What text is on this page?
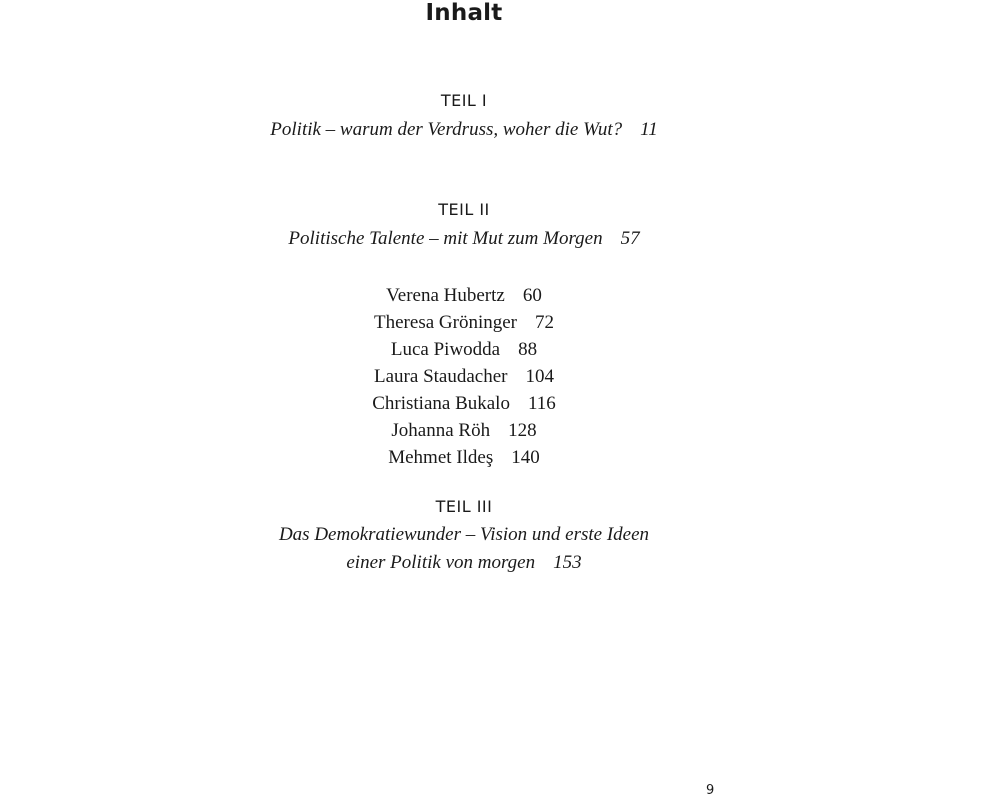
Inhalt
TEIL I
Politik – warum der Verdruss, woher die Wut? 11
TEIL II
Politische Talente – mit Mut zum Morgen 57
Verena Hubertz 60
Theresa Gröninger 72
Luca Piwodda 88
Laura Staudacher 104
Christiana Bukalo 116
Johanna Röh 128
Mehmet Ildeş 140
TEIL III
Das Demokratiewunder – Vision und erste Ideen
einer Politik von morgen 153
9
